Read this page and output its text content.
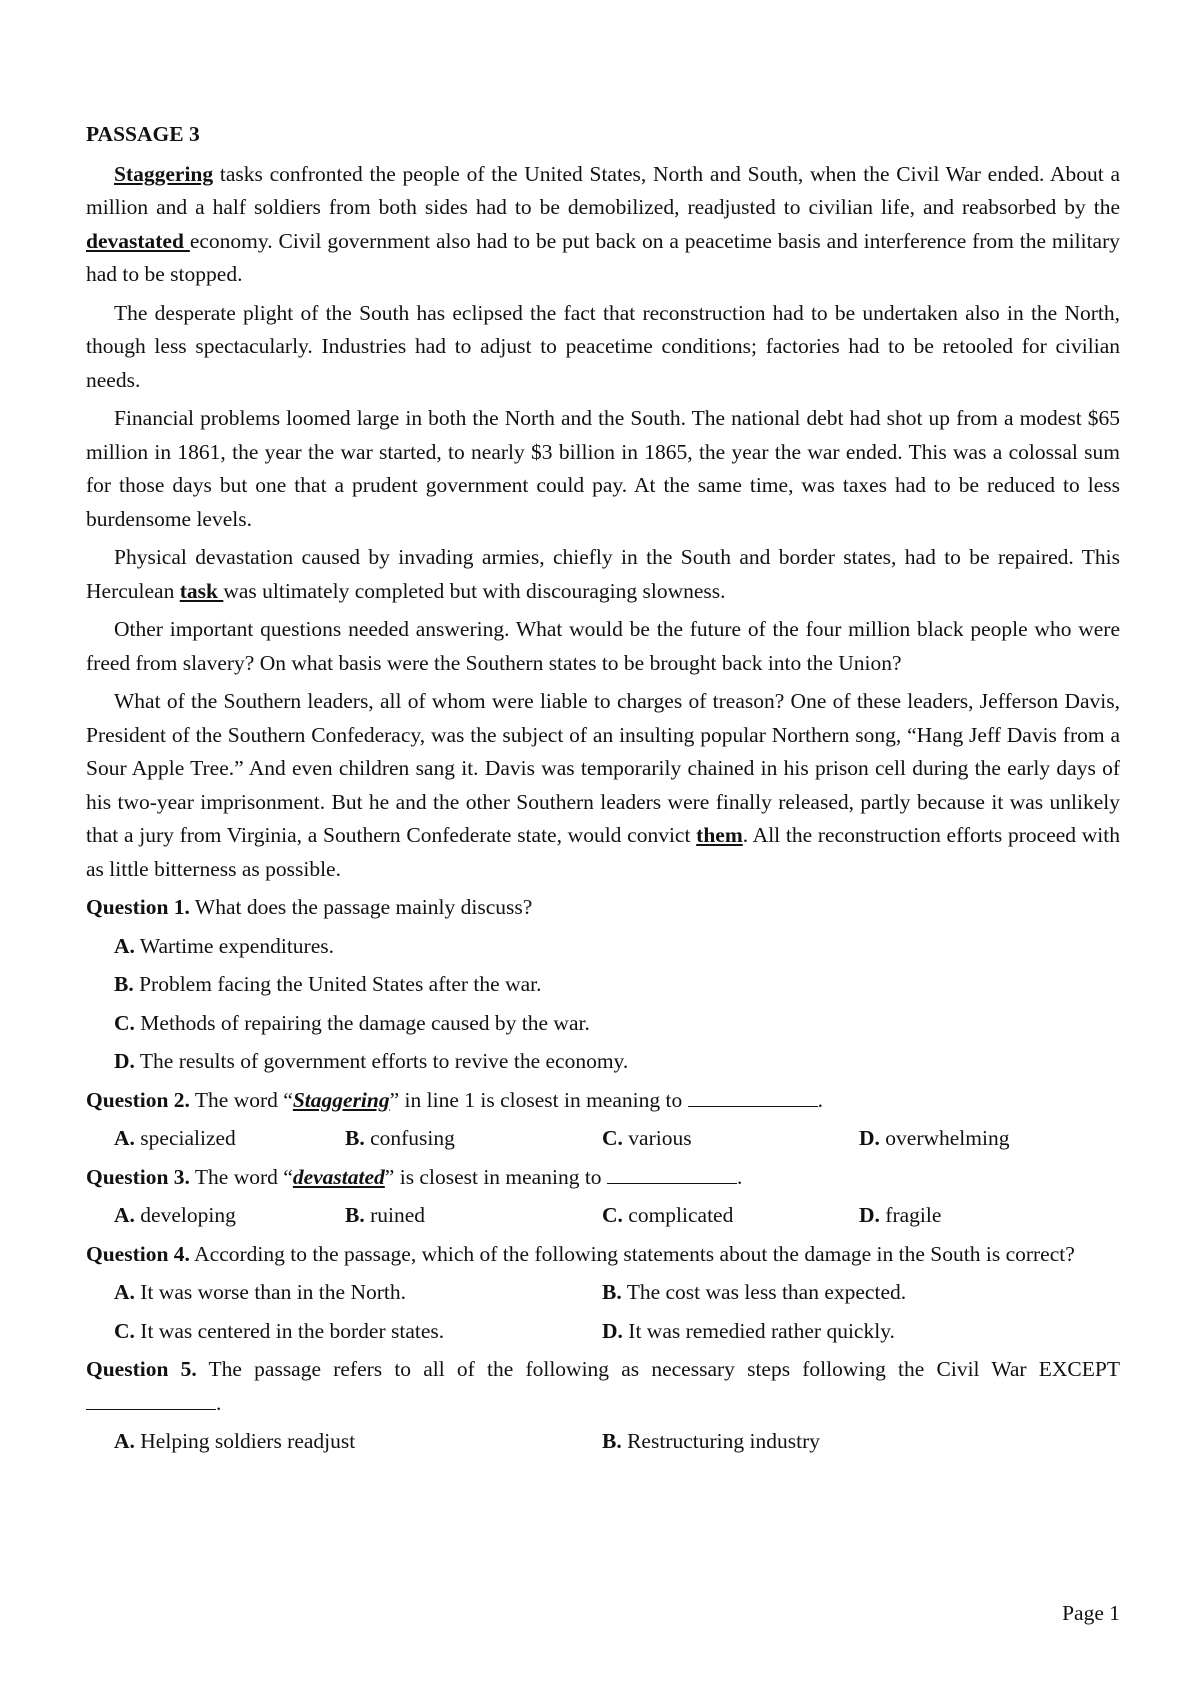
PASSAGE 3

Staggering tasks confronted the people of the United States, North and South, when the Civil War ended. About a million and a half soldiers from both sides had to be demobilized, readjusted to civilian life, and reabsorbed by the devastated economy. Civil government also had to be put back on a peacetime basis and interference from the military had to be stopped.

The desperate plight of the South has eclipsed the fact that reconstruction had to be undertaken also in the North, though less spectacularly. Industries had to adjust to peacetime conditions; factories had to be retooled for civilian needs.

Financial problems loomed large in both the North and the South. The national debt had shot up from a modest $65 million in 1861, the year the war started, to nearly $3 billion in 1865, the year the war ended. This was a colossal sum for those days but one that a prudent government could pay. At the same time, was taxes had to be reduced to less burdensome levels.

Physical devastation caused by invading armies, chiefly in the South and border states, had to be repaired. This Herculean task was ultimately completed but with discouraging slowness.

Other important questions needed answering. What would be the future of the four million black people who were freed from slavery? On what basis were the Southern states to be brought back into the Union?

What of the Southern leaders, all of whom were liable to charges of treason? One of these leaders, Jefferson Davis, President of the Southern Confederacy, was the subject of an insulting popular Northern song, “Hang Jeff Davis from a Sour Apple Tree.” And even children sang it. Davis was temporarily chained in his prison cell during the early days of his two-year imprisonment. But he and the other Southern leaders were finally released, partly because it was unlikely that a jury from Virginia, a Southern Confederate state, would convict them. All the reconstruction efforts proceed with as little bitterness as possible.

Question 1. What does the passage mainly discuss?
A. Wartime expenditures.
B. Problem facing the United States after the war.
C. Methods of repairing the damage caused by the war.
D. The results of government efforts to revive the economy.
Question 2. The word “Staggering” in line 1 is closest in meaning to	.
A. specialized	B. confusing	C. various	D. overwhelming
Question 3. The word “devastated” is closest in meaning to	.
A. developing	B. ruined	C. complicated	D. fragile
Question 4. According to the passage, which of the following statements about the damage in the South is correct?
A. It was worse than in the North.	B. The cost was less than expected.
C. It was centered in the border states.	D. It was remedied rather quickly.
Question 5. The passage refers to all of the following as necessary steps following the Civil War EXCEPT .
A. Helping soldiers readjust	B. Restructuring industry
Page 1
